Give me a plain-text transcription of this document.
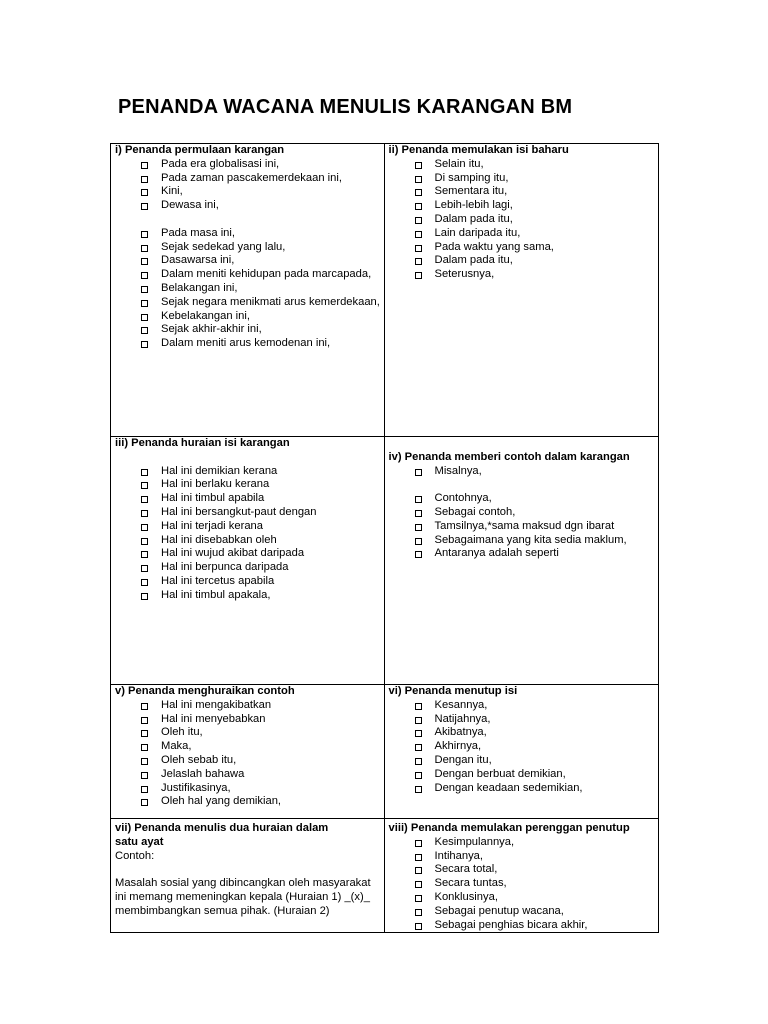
PENANDA WACANA MENULIS KARANGAN BM
i) Penanda permulaan karangan
Pada era globalisasi ini,
Pada zaman pascakemerdekaan ini,
Kini,
Dewasa ini,
Pada masa ini,
Sejak sedekad yang lalu,
Dasawarsa ini,
Dalam meniti kehidupan pada marcapada,
Belakangan ini,
Sejak negara menikmati arus kemerdekaan,
Kebelakangan ini,
Sejak akhir-akhir ini,
Dalam meniti arus kemodenan ini,
ii) Penanda memulakan isi baharu
Selain itu,
Di samping itu,
Sementara itu,
Lebih-lebih lagi,
Dalam pada itu,
Lain daripada itu,
Pada waktu yang sama,
Dalam pada itu,
Seterusnya,
iii) Penanda huraian isi karangan
Hal ini demikian kerana
Hal ini berlaku kerana
Hal ini timbul apabila
Hal ini bersangkut-paut dengan
Hal ini terjadi kerana
Hal ini disebabkan oleh
Hal ini wujud akibat daripada
Hal ini berpunca daripada
Hal ini tercetus apabila
Hal ini timbul apakala,
iv) Penanda memberi contoh dalam karangan
Misalnya,
Contohnya,
Sebagai contoh,
Tamsilnya,*sama maksud dgn ibarat
Sebagaimana yang kita sedia maklum,
Antaranya adalah seperti
v) Penanda menghuraikan contoh
Hal ini mengakibatkan
Hal ini menyebabkan
Oleh itu,
Maka,
Oleh sebab itu,
Jelaslah bahawa
Justifikasinya,
Oleh hal yang demikian,
vi) Penanda menutup isi
Kesannya,
Natijahnya,
Akibatnya,
Akhirnya,
Dengan itu,
Dengan berbuat demikian,
Dengan keadaan sedemikian,
vii) Penanda menulis dua huraian dalam
satu ayat
Contoh:
Masalah sosial yang dibincangkan oleh masyarakat ini memang memeningkan kepala (Huraian 1) _(x)_ membimbangkan semua pihak. (Huraian 2)
viii) Penanda memulakan perenggan penutup
Kesimpulannya,
Intihanya,
Secara total,
Secara tuntas,
Konklusinya,
Sebagai penutup wacana,
Sebagai penghias bicara akhir,
